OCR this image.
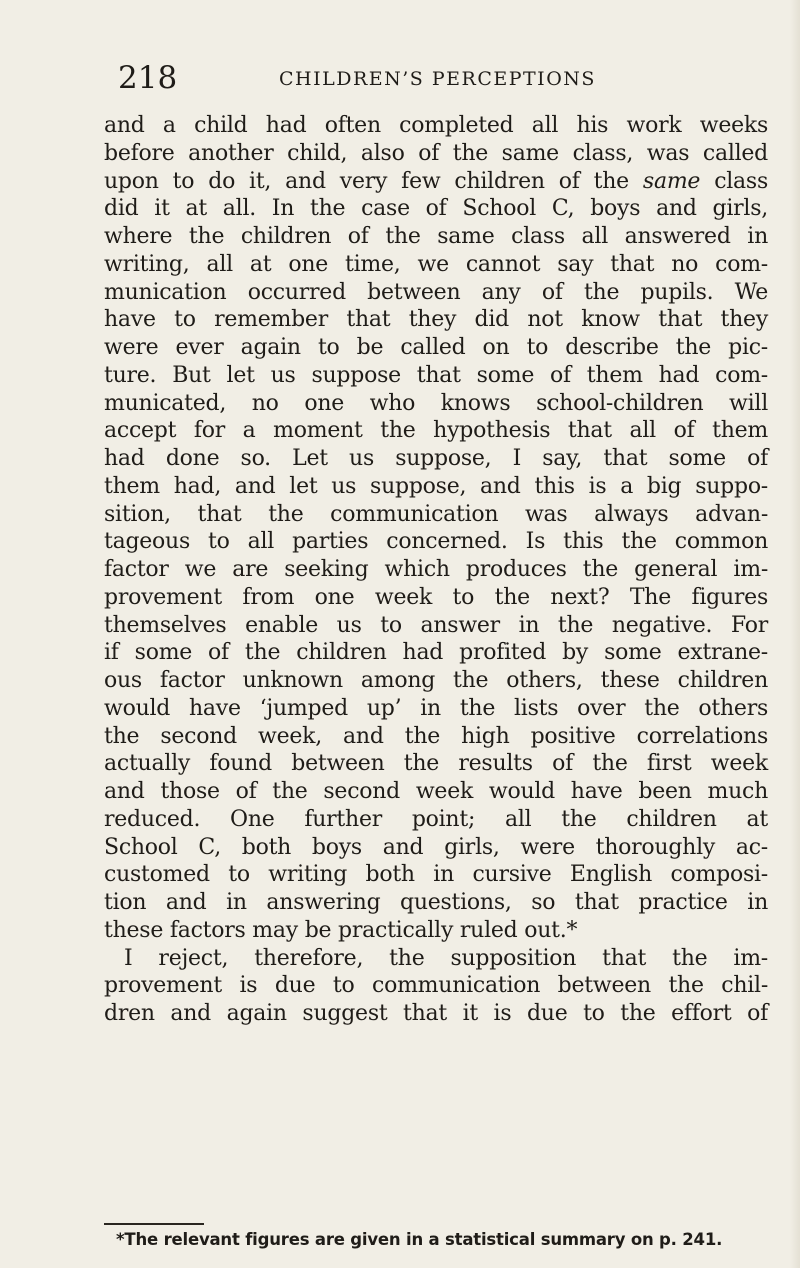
218	CHILDREN’S PERCEPTIONS
and a child had often completed all his work weeks
before another child, also of the same class, was called
upon to do it, and very few children of the same class
did it at all. In the case of School C, boys and girls,
where the children of the same class all answered in
writing, all at one time, we cannot say that no com-
munication occurred between any of the pupils. We
have to remember that they did not know that they
were ever again to be called on to describe the pic-
ture. But let us suppose that some of them had com-
municated, no one who knows school-children will
accept for a moment the hypothesis that all of them
had done so. Let us suppose, I say, that some of
them had, and let us suppose, and this is a big suppo-
sition, that the communication was always advan-
tageous to all parties concerned. Is this the common
factor we are seeking which produces the general im-
provement from one week to the next? The figures
themselves enable us to answer in the negative. For
if some of the children had profited by some extrane-
ous factor unknown among the others, these children
would have ‘jumped up’ in the lists over the others
the second week, and the high positive correlations
actually found between the results of the first week
and those of the second week would have been much
reduced. One further point; all the children at
School C, both boys and girls, were thoroughly ac-
customed to writing both in cursive English composi-
tion and in answering questions, so that practice in
these factors may be practically ruled out.*
I reject, therefore, the supposition that the im-
provement is due to communication between the chil-
dren and again suggest that it is due to the effort of
*The relevant figures are given in a statistical summary on p. 241.
